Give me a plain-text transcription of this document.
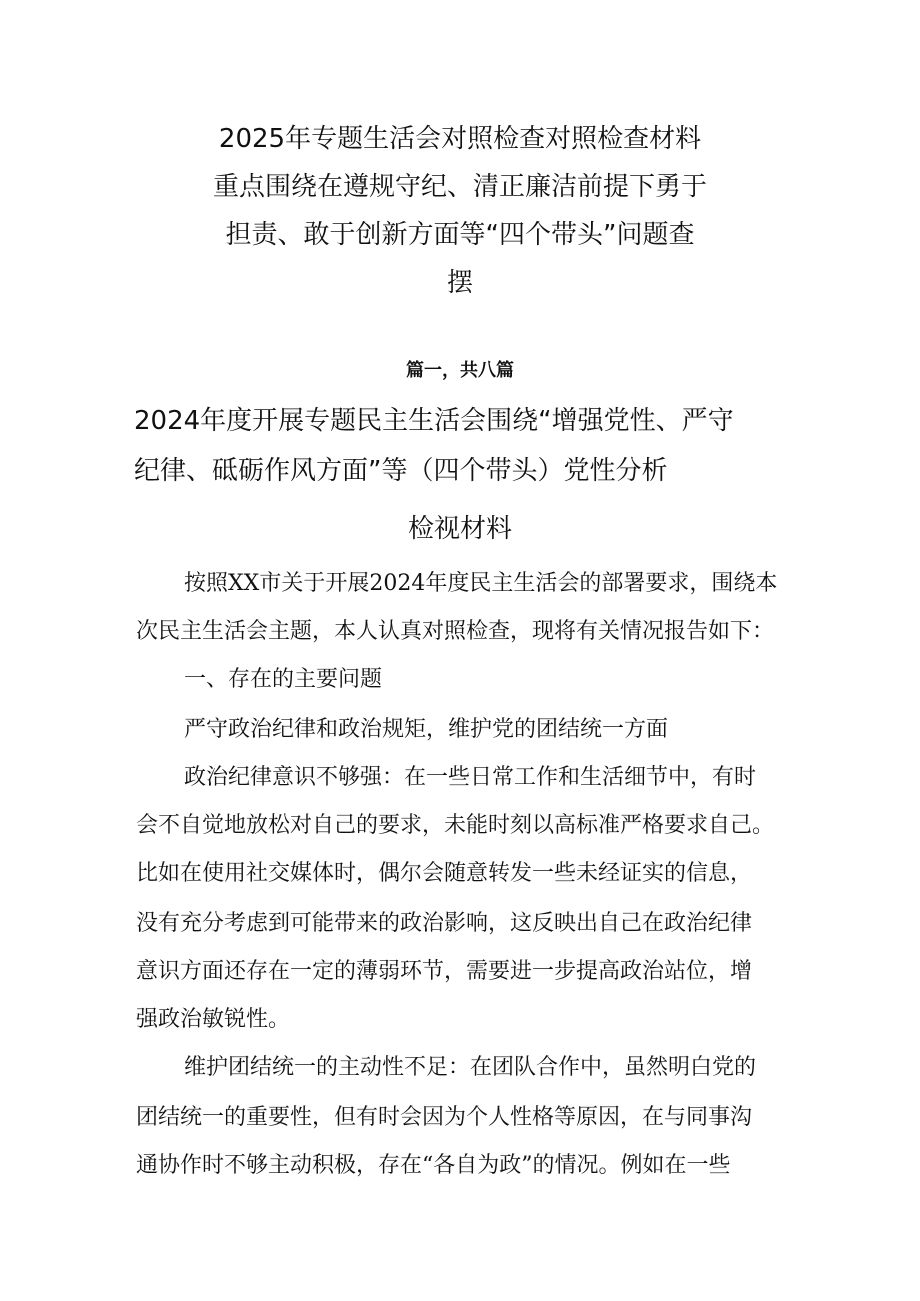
2025年专题生活会对照检查对照检查材料
重点围绕在遵规守纪、清正廉洁前提下勇于
担责、敢于创新方面等“四个带头”问题查
摆
篇一，共八篇
2024年度开展专题民主生活会围绕“增强党性、严守
纪律、砥砺作风方面”等（四个带头）党性分析
检视材料
按照XX市关于开展2024年度民主生活会的部署要求，围绕本
次民主生活会主题，本人认真对照检查，现将有关情况报告如下：
一、存在的主要问题
严守政治纪律和政治规矩，维护党的团结统一方面
政治纪律意识不够强：在一些日常工作和生活细节中，有时
会不自觉地放松对自己的要求，未能时刻以高标准严格要求自己。
比如在使用社交媒体时，偶尔会随意转发一些未经证实的信息，
没有充分考虑到可能带来的政治影响，这反映出自己在政治纪律
意识方面还存在一定的薄弱环节，需要进一步提高政治站位，增
强政治敏锐性。
维护团结统一的主动性不足：在团队合作中，虽然明白党的
团结统一的重要性，但有时会因为个人性格等原因，在与同事沟
通协作时不够主动积极，存在“各自为政”的情况。例如在一些
